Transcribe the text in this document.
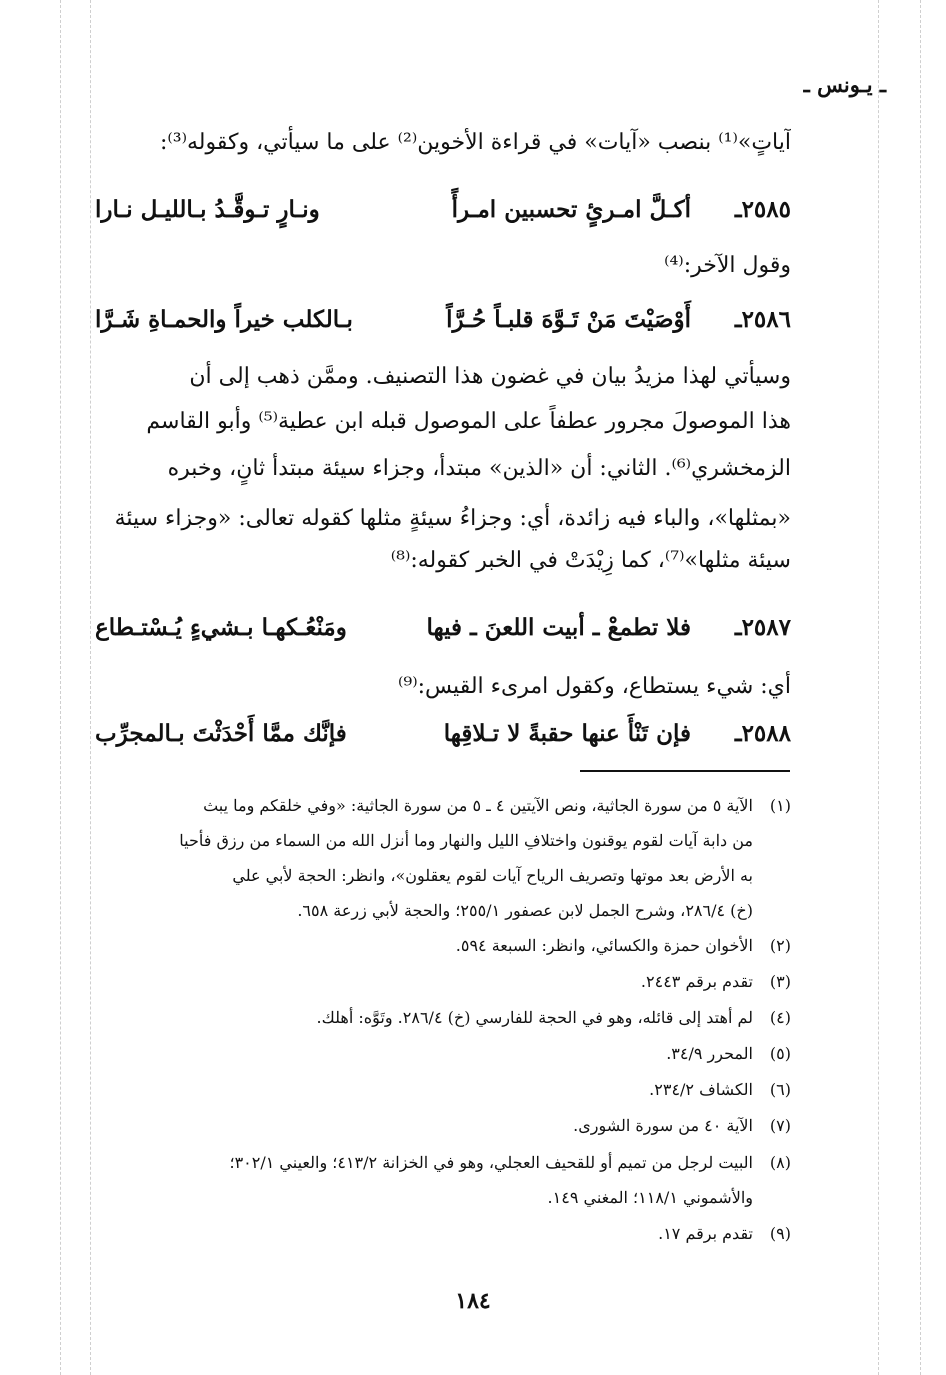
ـ يـونس ـ
آياتٍ»⁽¹⁾ بنصب «آيات» في قراءة الأخوين⁽²⁾ على ما سيأتي، وكقوله⁽³⁾:
٢٥٨٥ـ
أكـلَّ امـرئٍ تحسبين امـرأً
ونـارٍ تـوقَّـدُ بـالليـل نـارا
وقول الآخر:⁽⁴⁾
٢٥٨٦ـ
أَوْصَيْتَ مَنْ تَـوَّهَ قلبـاً حُـرَّاً
بـالكلب خيراً والحمـاةِ شَـرَّا
وسيأتي لهذا مزيدُ بيان في غضون هذا التصنيف. وممَّن ذهب إلى أن
هذا الموصولَ مجرور عطفاً على الموصول قبله ابن عطية⁽⁵⁾ وأبو القاسم
الزمخشري⁽⁶⁾. الثاني: أن «الذين» مبتدأ، وجزاء سيئة مبتدأ ثانٍ، وخبره
«بمثلها»، والباء فيه زائدة، أي: وجزاءُ سيئةٍ مثلها كقوله تعالى: «وجزاء سيئة
سيئة مثلها»⁽⁷⁾، كما زِيْدَتْ في الخبر كقوله:⁽⁸⁾
٢٥٨٧ـ
فلا تطمعْ ـ أبيت اللعنَ ـ فيها
ومَنْعُـكهـا بـشيءٍ يُـسْتـطاع
أي: شيء يستطاع، وكقول امرىء القيس:⁽⁹⁾
٢٥٨٨ـ
فإن تَنْأَ عنها حقبةً لا تـلاقِها
فإنَّك ممَّا أَحْدَثْتَ بـالمجرِّب
(١)الآية ٥ من سورة الجاثية، ونص الآيتين ٤ ـ ٥ من سورة الجاثية: «وفي خلقكم وما يبث
من دابة آيات لقوم يوقنون واختلافِ الليل والنهار وما أنزل الله من السماء من رزق فأحيا
به الأرض بعد موتها وتصريف الرياح آيات لقوم يعقلون»، وانظر: الحجة لأبي علي
(خ) ٢٨٦/٤، وشرح الجمل لابن عصفور ٢٥٥/١؛ والحجة لأبي زرعة ٦٥٨.
(٢)الأخوان حمزة والكسائي، وانظر: السبعة ٥٩٤.
(٣)تقدم برقم ٢٤٤٣.
(٤)لم أهتد إلى قائله، وهو في الحجة للفارسي (خ) ٢٨٦/٤. وتَوَّه: أهلك.
(٥)المحرر ٣٤/٩.
(٦)الكشاف ٢٣٤/٢.
(٧)الآية ٤٠ من سورة الشورى.
(٨)البيت لرجل من تميم أو للقحيف العجلي، وهو في الخزانة ٤١٣/٢؛ والعيني ٣٠٢/١؛
والأشموني ١١٨/١؛ المغني ١٤٩.
(٩)تقدم برقم ١٧.
١٨٤
